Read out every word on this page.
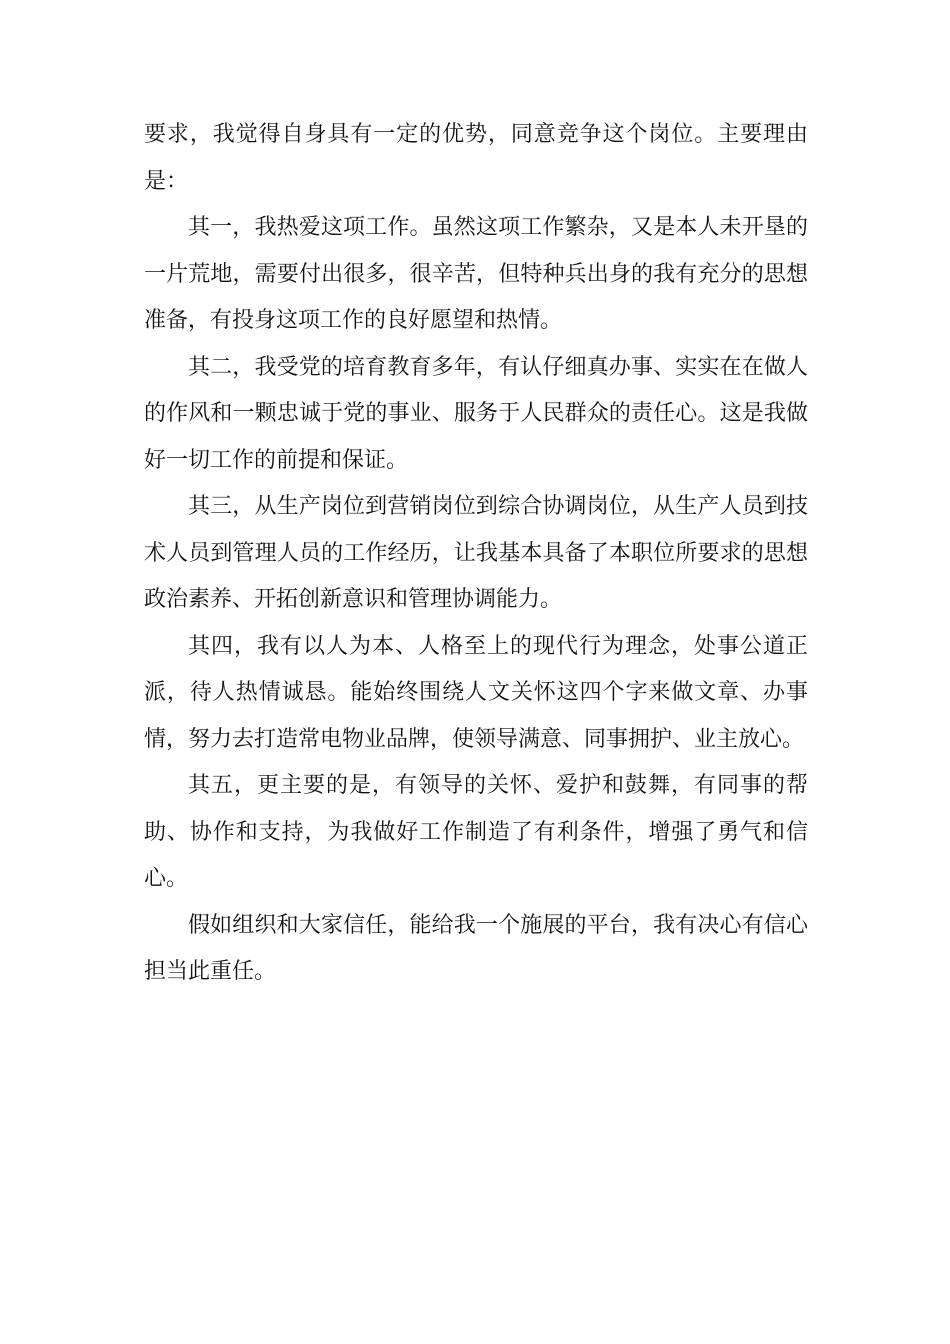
要求，我觉得自身具有一定的优势，同意竞争这个岗位。主要理由是：

其一，我热爱这项工作。虽然这项工作繁杂，又是本人未开垦的一片荒地，需要付出很多，很辛苦，但特种兵出身的我有充分的思想准备，有投身这项工作的良好愿望和热情。

其二，我受党的培育教育多年，有认仔细真办事、实实在在做人的作风和一颗忠诚于党的事业、服务于人民群众的责任心。这是我做好一切工作的前提和保证。

其三，从生产岗位到营销岗位到综合协调岗位，从生产人员到技术人员到管理人员的工作经历，让我基本具备了本职位所要求的思想政治素养、开拓创新意识和管理协调能力。

其四，我有以人为本、人格至上的现代行为理念，处事公道正派，待人热情诚恳。能始终围绕人文关怀这四个字来做文章、办事情，努力去打造常电物业品牌，使领导满意、同事拥护、业主放心。

其五，更主要的是，有领导的关怀、爱护和鼓舞，有同事的帮助、协作和支持，为我做好工作制造了有利条件，增强了勇气和信心。

假如组织和大家信任，能给我一个施展的平台，我有决心有信心担当此重任。
